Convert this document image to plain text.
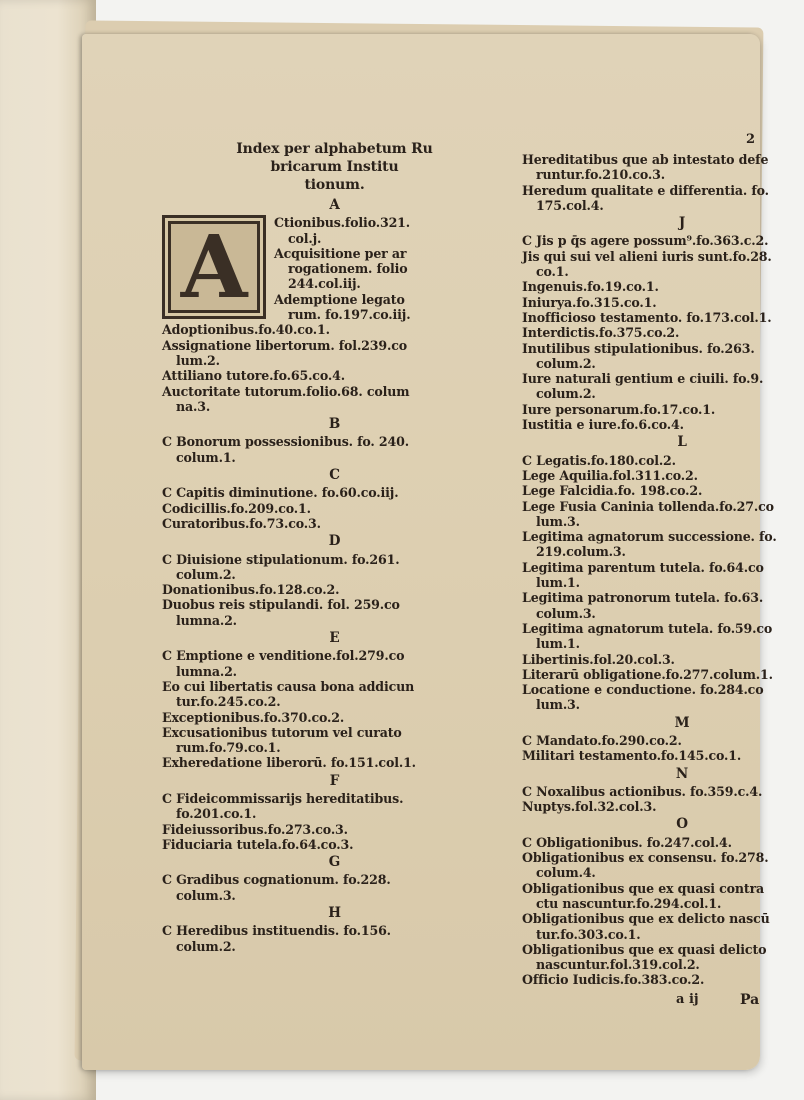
2
Index per alphabetum Ru
bricarum Institu
tionum.
A
A	Ctionibus.folio.321.
col.j.
Acquisitione per ar
rogationem. folio
244.col.iij.
Ademptione legato
rum. fo.197.co.iij.
Adoptionibus.fo.40.co.1.
Assignatione libertorum. fol.239.co
lum.2.
Attiliano tutore.fo.65.co.4.
Auctoritate tutorum.folio.68. colum
na.3.
B
C Bonorum possessionibus. fo. 240.
colum.1.
C
C Capitis diminutione. fo.60.co.iij.
Codicillis.fo.209.co.1.
Curatoribus.fo.73.co.3.
D
C Diuisione stipulationum. fo.261.
colum.2.
Donationibus.fo.128.co.2.
Duobus reis stipulandi. fol. 259.co
lumna.2.
E
C Emptione e venditione.fol.279.co
lumna.2.
Eo cui libertatis causa bona addicun
tur.fo.245.co.2.
Exceptionibus.fo.370.co.2.
Excusationibus tutorum vel curato
rum.fo.79.co.1.
Exheredatione liberorū. fo.151.col.1.
F
C Fideicommissarijs hereditatibus.
fo.201.co.1.
Fideiussoribus.fo.273.co.3.
Fiduciaria tutela.fo.64.co.3.
G
C Gradibus cognationum. fo.228.
colum.3.
H
C Heredibus instituendis. fo.156.
colum.2.
Hereditatibus que ab intestato defe
runtur.fo.210.co.3.
Heredum qualitate e differentia. fo.
175.col.4.
J
C Jis p q̄s agere possum⁹.fo.363.c.2.
Jis qui sui vel alieni iuris sunt.fo.28.
co.1.
Ingenuis.fo.19.co.1.
Iniurya.fo.315.co.1.
Inofficioso testamento. fo.173.col.1.
Interdictis.fo.375.co.2.
Inutilibus stipulationibus. fo.263.
colum.2.
Iure naturali gentium e ciuili. fo.9.
colum.2.
Iure personarum.fo.17.co.1.
Iustitia e iure.fo.6.co.4.
L
C Legatis.fo.180.col.2.
Lege Aquilia.fol.311.co.2.
Lege Falcidia.fo. 198.co.2.
Lege Fusia Caninia tollenda.fo.27.co
lum.3.
Legitima agnatorum successione. fo.
219.colum.3.
Legitima parentum tutela. fo.64.co
lum.1.
Legitima patronorum tutela. fo.63.
colum.3.
Legitima agnatorum tutela. fo.59.co
lum.1.
Libertinis.fol.20.col.3.
Literarū obligatione.fo.277.colum.1.
Locatione e conductione. fo.284.co
lum.3.
M
C Mandato.fo.290.co.2.
Militari testamento.fo.145.co.1.
N
C Noxalibus actionibus. fo.359.c.4.
Nuptys.fol.32.col.3.
O
C Obligationibus. fo.247.col.4.
Obligationibus ex consensu. fo.278.
colum.4.
Obligationibus que ex quasi contra
ctu nascuntur.fo.294.col.1.
Obligationibus que ex delicto nascū
tur.fo.303.co.1.
Obligationibus que ex quasi delicto
nascuntur.fol.319.col.2.
Officio Iudicis.fo.383.co.2.
a ij	Pa
